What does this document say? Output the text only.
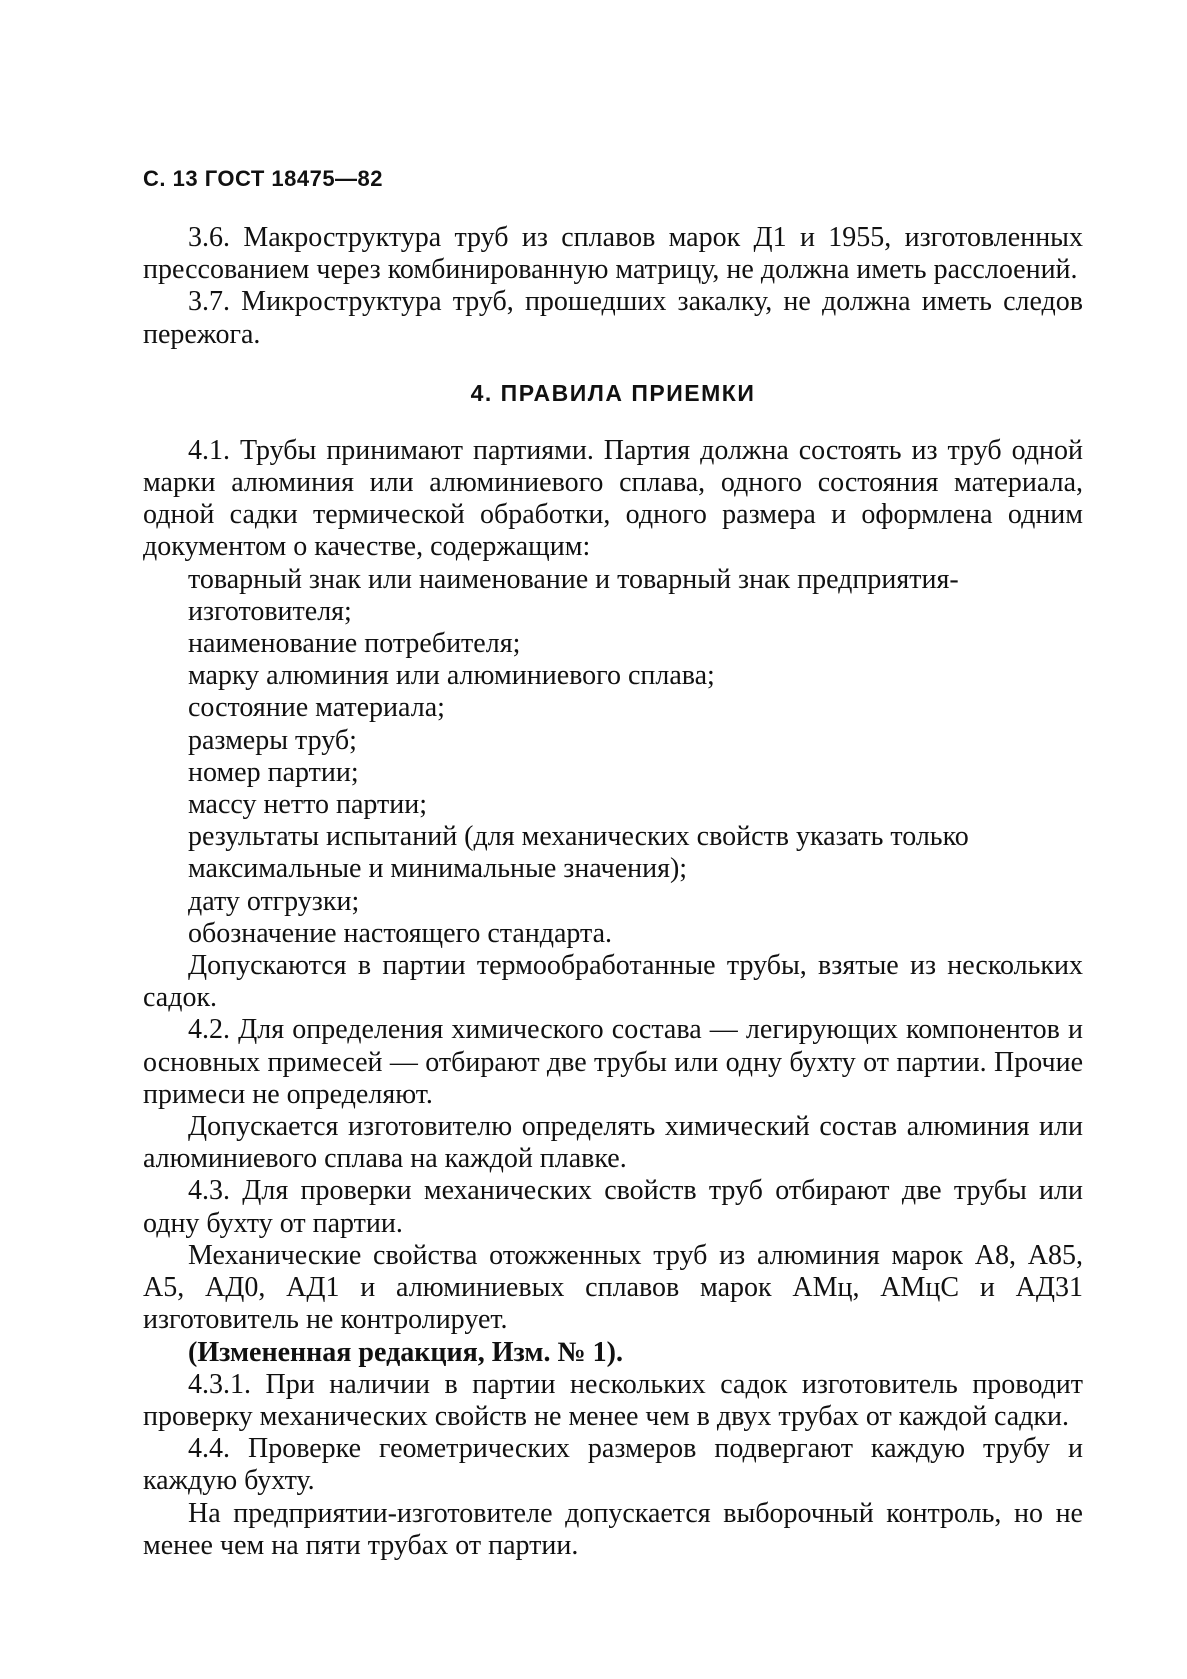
С. 13 ГОСТ 18475—82

3.6. Макроструктура труб из сплавов марок Д1 и 1955, изготовленных прессованием через комбинированную матрицу, не должна иметь расслоений.

3.7. Микроструктура труб, прошедших закалку, не должна иметь следов пережога.

4. ПРАВИЛА ПРИЕМКИ

4.1. Трубы принимают партиями. Партия должна состоять из труб одной марки алюминия или алюминиевого сплава, одного состояния материала, одной садки термической обработки, одного размера и оформлена одним документом о качестве, содержащим:

товарный знак или наименование и товарный знак предприятия-изготовителя;

наименование потребителя;

марку алюминия или алюминиевого сплава;

состояние материала;

размеры труб;

номер партии;

массу нетто партии;

результаты испытаний (для механических свойств указать только максимальные и минимальные значения);

дату отгрузки;

обозначение настоящего стандарта.

Допускаются в партии термообработанные трубы, взятые из нескольких садок.

4.2. Для определения химического состава — легирующих компонентов и основных примесей — отбирают две трубы или одну бухту от партии. Прочие примеси не определяют.

Допускается изготовителю определять химический состав алюминия или алюминиевого сплава на каждой плавке.

4.3. Для проверки механических свойств труб отбирают две трубы или одну бухту от партии.

Механические свойства отожженных труб из алюминия марок А8, А85, А5, АД0, АД1 и алюминиевых сплавов марок АМц, АМцС и АД31 изготовитель не контролирует.

(Измененная редакция, Изм. № 1).

4.3.1. При наличии в партии нескольких садок изготовитель проводит проверку механических свойств не менее чем в двух трубах от каждой садки.

4.4. Проверке геометрических размеров подвергают каждую трубу и каждую бухту.

На предприятии-изготовителе допускается выборочный контроль, но не менее чем на пяти трубах от партии.
